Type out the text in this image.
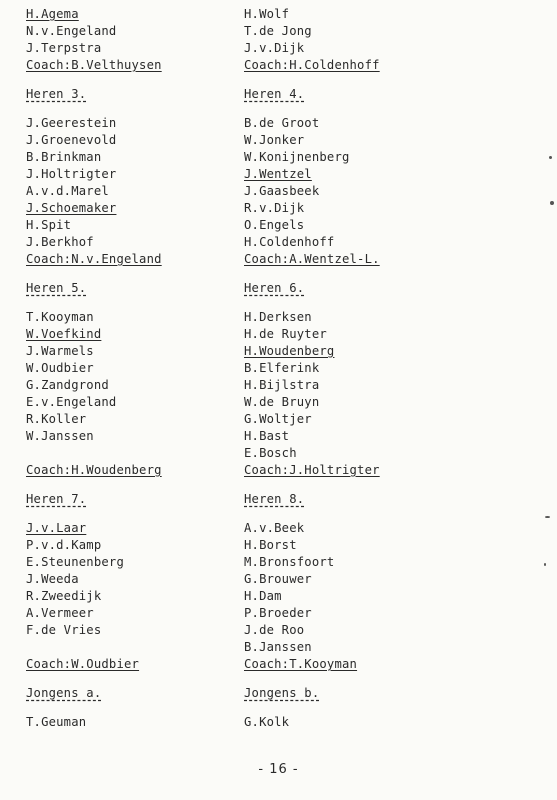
H.Agema
N.v.Engeland
J.Terpstra
Coach:B.Velthuysen
Heren 3.
J.Geerestein
J.Groenevold
B.Brinkman
J.Holtrigter
A.v.d.Marel
J.Schoemaker
H.Spit
J.Berkhof
Coach:N.v.Engeland
Heren 5.
T.Kooyman
W.Voefkind
J.Warmels
W.Oudbier
G.Zandgrond
E.v.Engeland
R.Koller
W.Janssen
Coach:H.Woudenberg
Heren 7.
J.v.Laar
P.v.d.Kamp
E.Steunenberg
J.Weeda
R.Zweedijk
A.Vermeer
F.de Vries
Coach:W.Oudbier
Jongens a.
T.Geuman
H.Wolf
T.de Jong
J.v.Dijk
Coach:H.Coldenhoff
Heren 4.
B.de Groot
W.Jonker
W.Konijnenberg
J.Wentzel
J.Gaasbeek
R.v.Dijk
O.Engels
H.Coldenhoff
Coach:A.Wentzel-L.
Heren 6.
H.Derksen
H.de Ruyter
H.Woudenberg
B.Elferink
H.Bijlstra
W.de Bruyn
G.Woltjer
H.Bast
E.Bosch
Coach:J.Holtrigter
Heren 8.
A.v.Beek
H.Borst
M.Bronsfoort
G.Brouwer
H.Dam
P.Broeder
J.de Roo
B.Janssen
Coach:T.Kooyman
Jongens b.
G.Kolk
- 16 -
